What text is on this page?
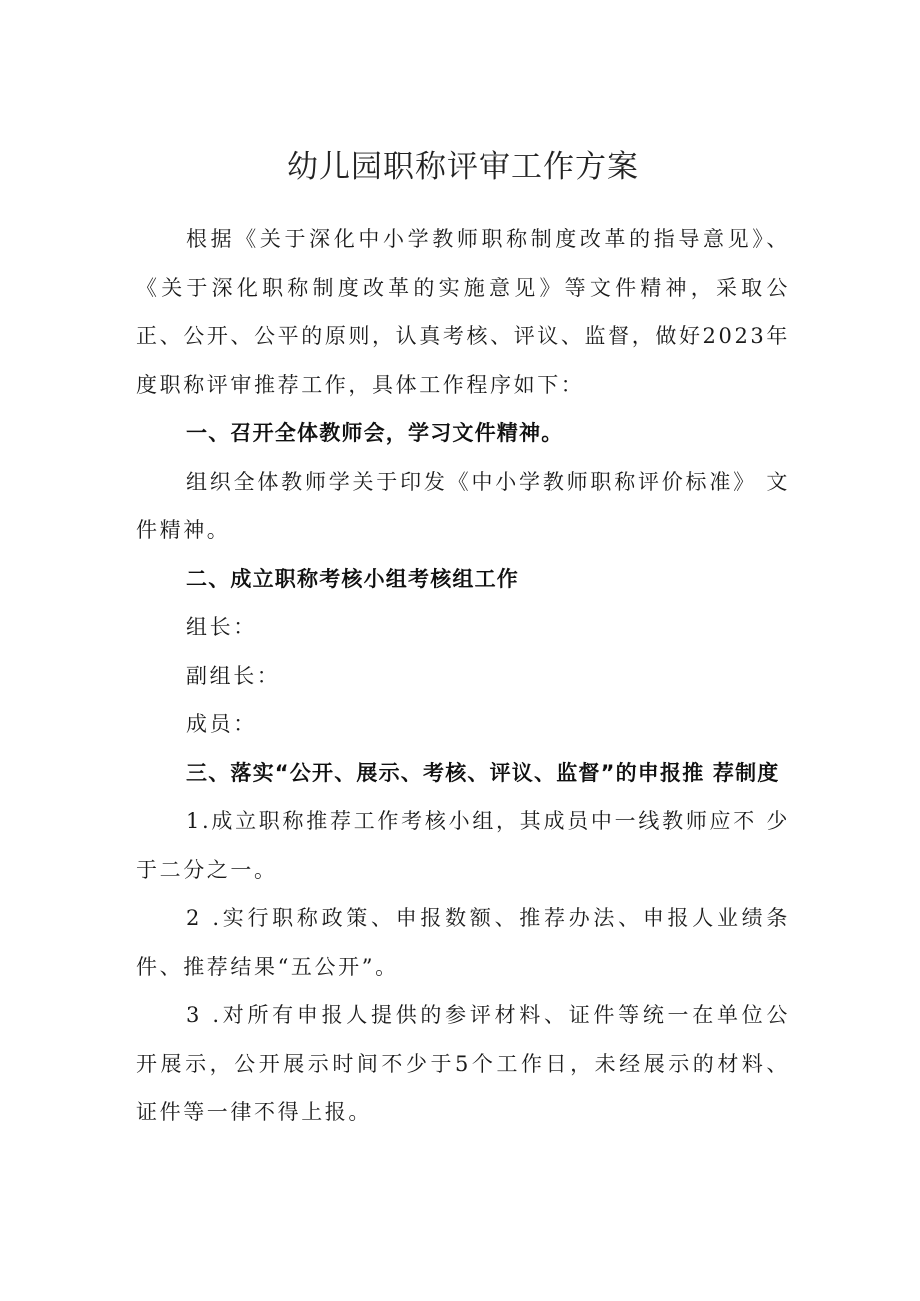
幼儿园职称评审工作方案

根据《关于深化中小学教师职称制度改革的指导意见》、《关于深化职称制度改革的实施意见》等文件精神，采取公 正、公开、公平的原则，认真考核、评议、监督，做好2023年度职称评审推荐工作，具体工作程序如下：

一、召开全体教师会，学习文件精神。

组织全体教师学关于印发《中小学教师职称评价标准》 文件精神。

二、成立职称考核小组考核组工作

组长：

副组长：

成员：

三、落实“公开、展示、考核、评议、监督”的申报推 荐制度

1.成立职称推荐工作考核小组，其成员中一线教师应不 少于二分之一。

2 .实行职称政策、申报数额、推荐办法、申报人业绩条 件、推荐结果“五公开”。

3 .对所有申报人提供的参评材料、证件等统一在单位公 开展示，公开展示时间不少于5个工作日，未经展示的材料、 证件等一律不得上报。
